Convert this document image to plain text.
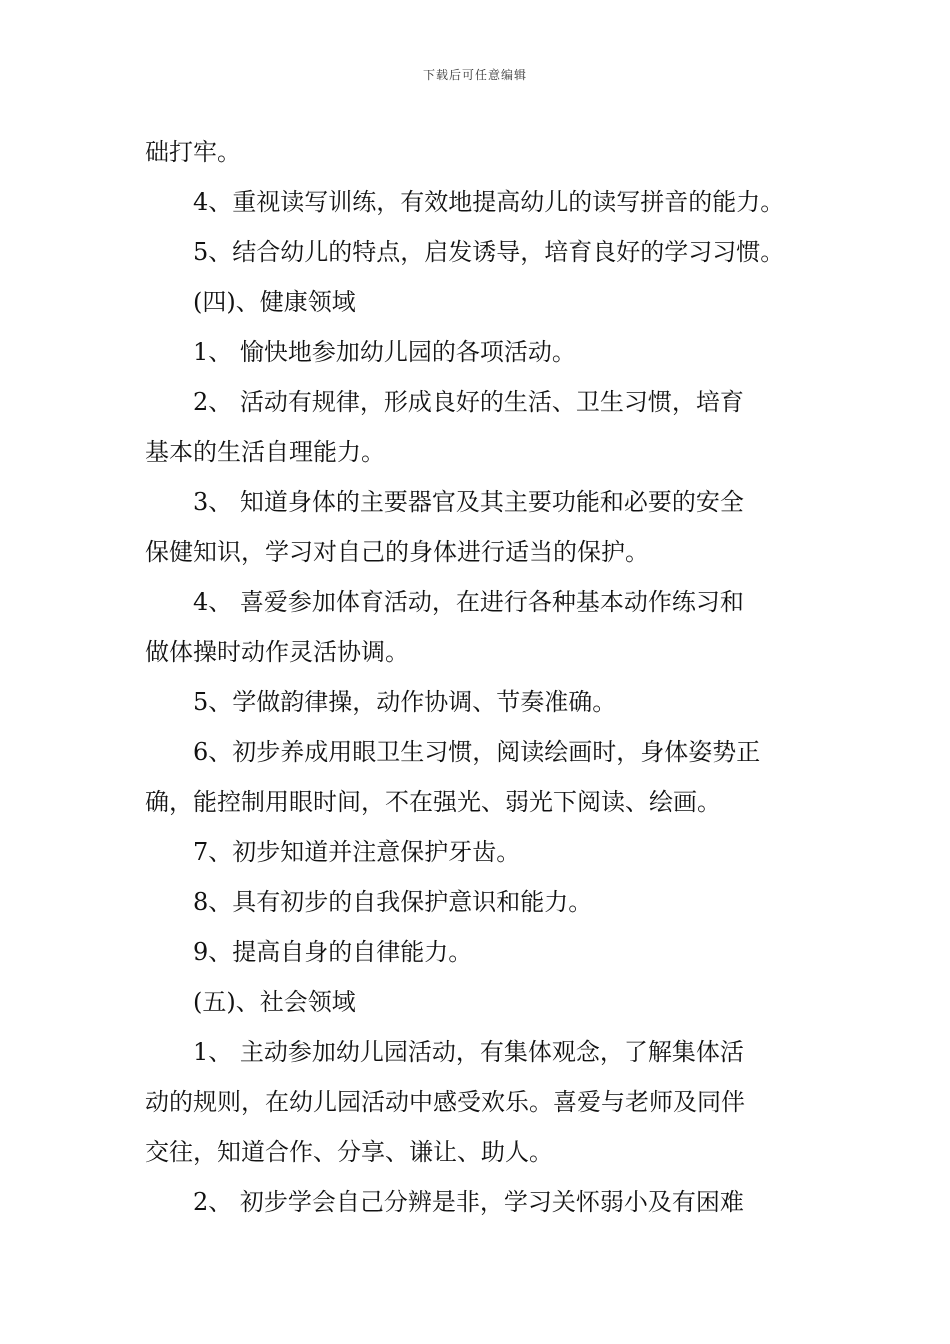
下载后可任意编辑
础打牢。
4、重视读写训练，有效地提高幼儿的读写拼音的能力。
5、结合幼儿的特点，启发诱导，培育良好的学习习惯。
(四)、健康领域
1、 愉快地参加幼儿园的各项活动。
2、 活动有规律，形成良好的生活、卫生习惯，培育
基本的生活自理能力。
3、 知道身体的主要器官及其主要功能和必要的安全
保健知识，学习对自己的身体进行适当的保护。
4、 喜爱参加体育活动，在进行各种基本动作练习和
做体操时动作灵活协调。
5、学做韵律操，动作协调、节奏准确。
6、初步养成用眼卫生习惯，阅读绘画时，身体姿势正
确，能控制用眼时间，不在强光、弱光下阅读、绘画。
7、初步知道并注意保护牙齿。
8、具有初步的自我保护意识和能力。
9、提高自身的自律能力。
(五)、社会领域
1、 主动参加幼儿园活动，有集体观念，了解集体活
动的规则，在幼儿园活动中感受欢乐。喜爱与老师及同伴
交往，知道合作、分享、谦让、助人。
2、 初步学会自己分辨是非，学习关怀弱小及有困难
